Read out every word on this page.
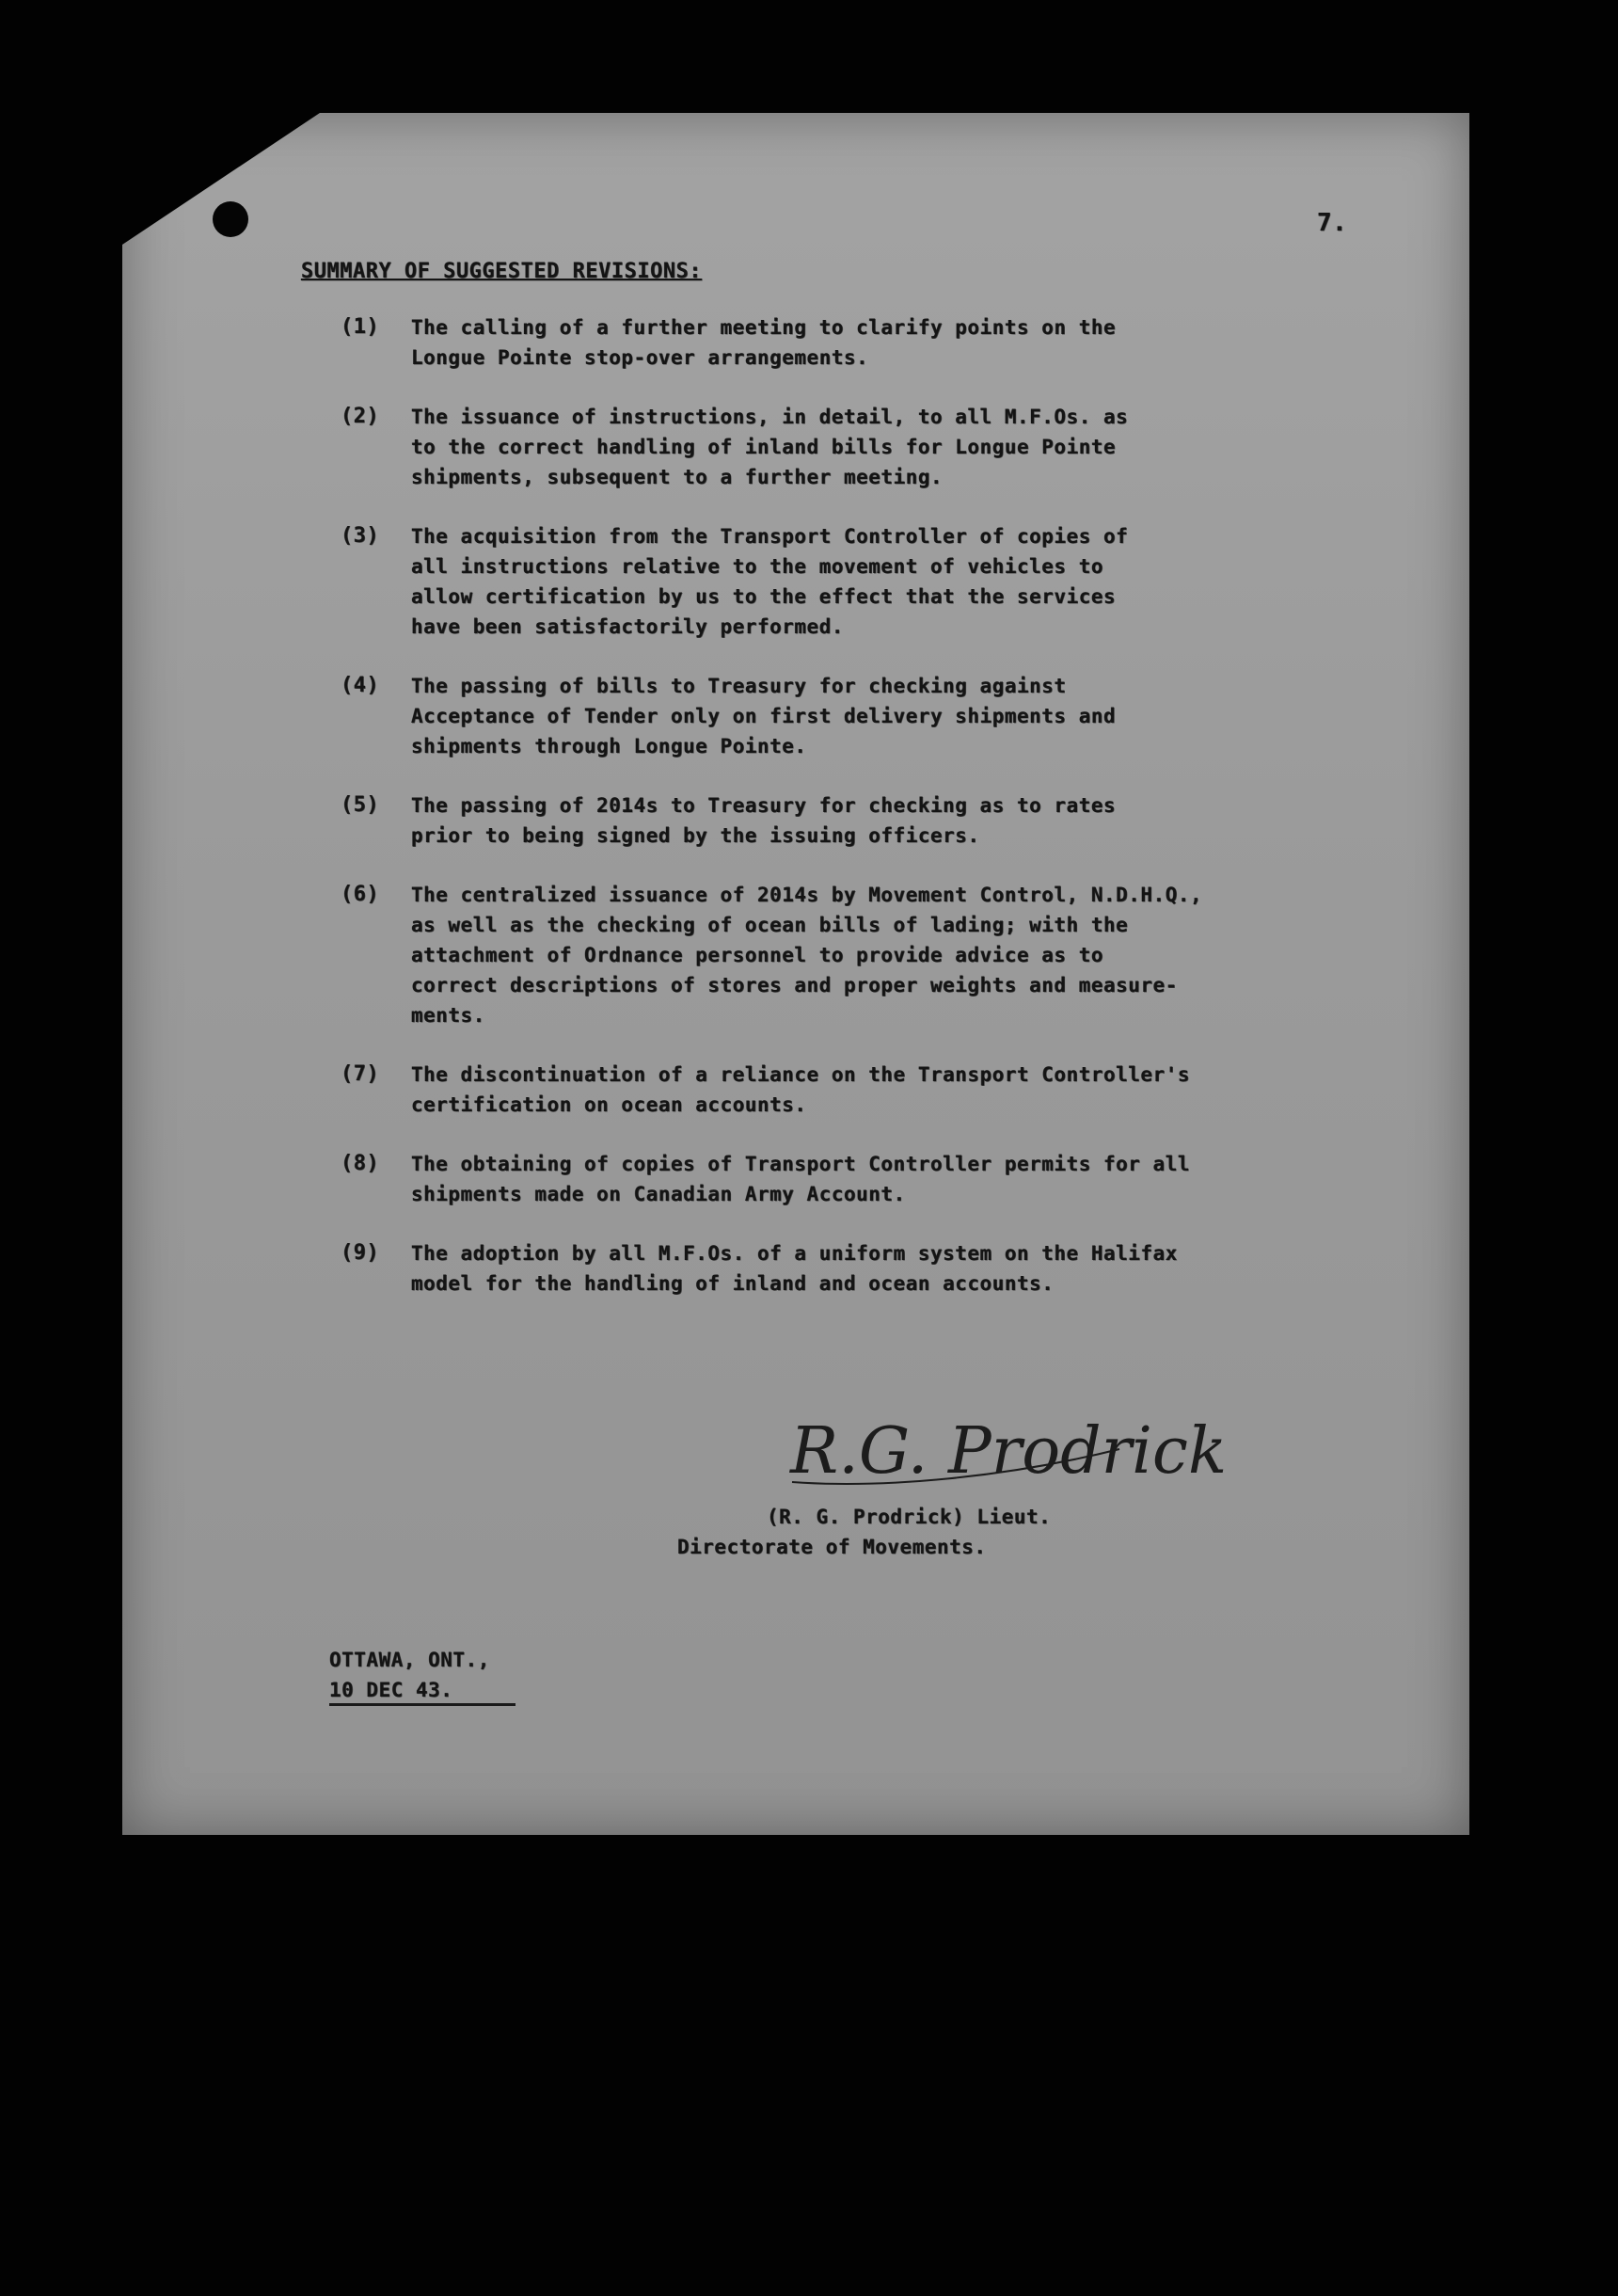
7.
SUMMARY OF SUGGESTED REVISIONS:
(1)	The calling of a further meeting to clarify points on the
Longue Pointe stop-over arrangements.
(2)	The issuance of instructions, in detail, to all M.F.Os. as
to the correct handling of inland bills for Longue Pointe
shipments, subsequent to a further meeting.
(3)	The acquisition from the Transport Controller of copies of
all instructions relative to the movement of vehicles to
allow certification by us to the effect that the services
have been satisfactorily performed.
(4)	The passing of bills to Treasury for checking against
Acceptance of Tender only on first delivery shipments and
shipments through Longue Pointe.
(5)	The passing of 2014s to Treasury for checking as to rates
prior to being signed by the issuing officers.
(6)	The centralized issuance of 2014s by Movement Control, N.D.H.Q.,
as well as the checking of ocean bills of lading; with the
attachment of Ordnance personnel to provide advice as to
correct descriptions of stores and proper weights and measure-
ments.
(7)	The discontinuation of a reliance on the Transport Controller's
certification on ocean accounts.
(8)	The obtaining of copies of Transport Controller permits for all
shipments made on Canadian Army Account.
(9)	The adoption by all M.F.Os. of a uniform system on the Halifax
model for the handling of inland and ocean accounts.
R.G. Prodrick
(R. G. Prodrick) Lieut.
Directorate of Movements.
OTTAWA, ONT.,
10 DEC 43.
